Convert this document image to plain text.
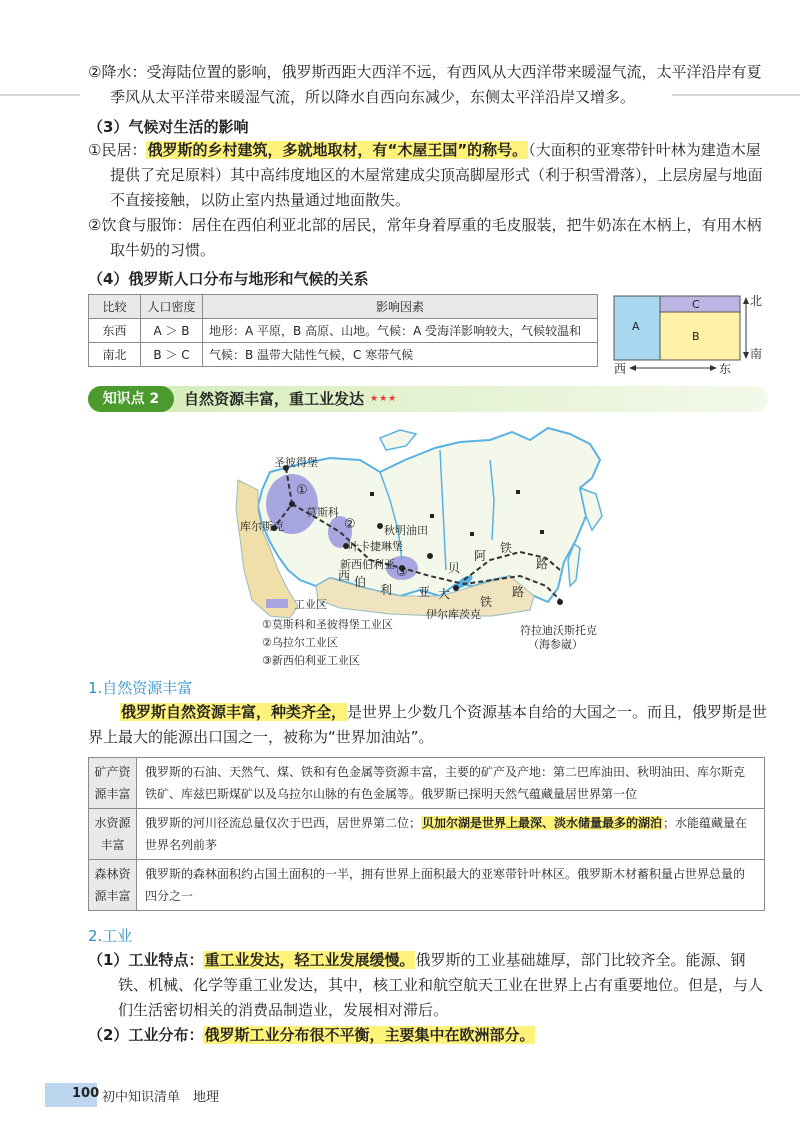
②降水：受海陆位置的影响，俄罗斯西距大西洋不远，有西风从大西洋带来暖湿气流，太平洋沿岸有夏季风从太平洋带来暖湿气流，所以降水自西向东减少，东侧太平洋沿岸又增多。
（3）气候对生活的影响
①民居：俄罗斯的乡村建筑，多就地取材，有“木屋王国”的称号。（大面积的亚寒带针叶林为建造木屋提供了充足原料）其中高纬度地区的木屋常建成尖顶高脚屋形式（利于积雪滑落），上层房屋与地面不直接接触，以防止室内热量通过地面散失。
②饮食与服饰：居住在西伯利亚北部的居民，常年身着厚重的毛皮服装，把牛奶冻在木柄上，有用木柄取牛奶的习惯。
（4）俄罗斯人口分布与地形和气候的关系
比较	人口密度	影响因素
东西	A ＞ B	地形：A 平原，B 高原、山地。气候：A 受海洋影响较大，气候较温和
南北	B ＞ C	气候：B 温带大陆性气候，C 寒带气候
A
C
B
北
南
西	东
知识点 2	自然资源丰富，重工业发达 ★★★
圣彼得堡
莫斯科
库尔斯克	秋明油田
叶卡捷琳堡
新西伯利亚
伊尔库茨克
符拉迪沃斯托克
（海参崴）
①
②
③
西 伯
利 亚 大
铁
路
贝
阿
铁
路
工业区
①莫斯科和圣彼得堡工业区
②乌拉尔工业区
③新西伯利亚工业区
1.自然资源丰富
俄罗斯自然资源丰富，种类齐全，是世界上少数几个资源基本自给的大国之一。而且，俄罗斯是世界上最大的能源出口国之一，被称为“世界加油站”。
矿产资源丰富	俄罗斯的石油、天然气、煤、铁和有色金属等资源丰富，主要的矿产及产地：第二巴库油田、秋明油田、库尔斯克铁矿、库兹巴斯煤矿以及乌拉尔山脉的有色金属等。俄罗斯已探明天然气蕴藏量居世界第一位
水资源丰富	俄罗斯的河川径流总量仅次于巴西，居世界第二位；贝加尔湖是世界上最深、淡水储量最多的湖泊；水能蕴藏量在世界名列前茅
森林资源丰富	俄罗斯的森林面积约占国土面积的一半，拥有世界上面积最大的亚寒带针叶林区。俄罗斯木材蓄积量占世界总量的四分之一
2.工业
（1）工业特点：重工业发达，轻工业发展缓慢。俄罗斯的工业基础雄厚，部门比较齐全。能源、钢铁、机械、化学等重工业发达，其中，核工业和航空航天工业在世界上占有重要地位。但是，与人们生活密切相关的消费品制造业，发展相对滞后。
（2）工业分布：俄罗斯工业分布很不平衡，主要集中在欧洲部分。
100 初中知识清单　地理
